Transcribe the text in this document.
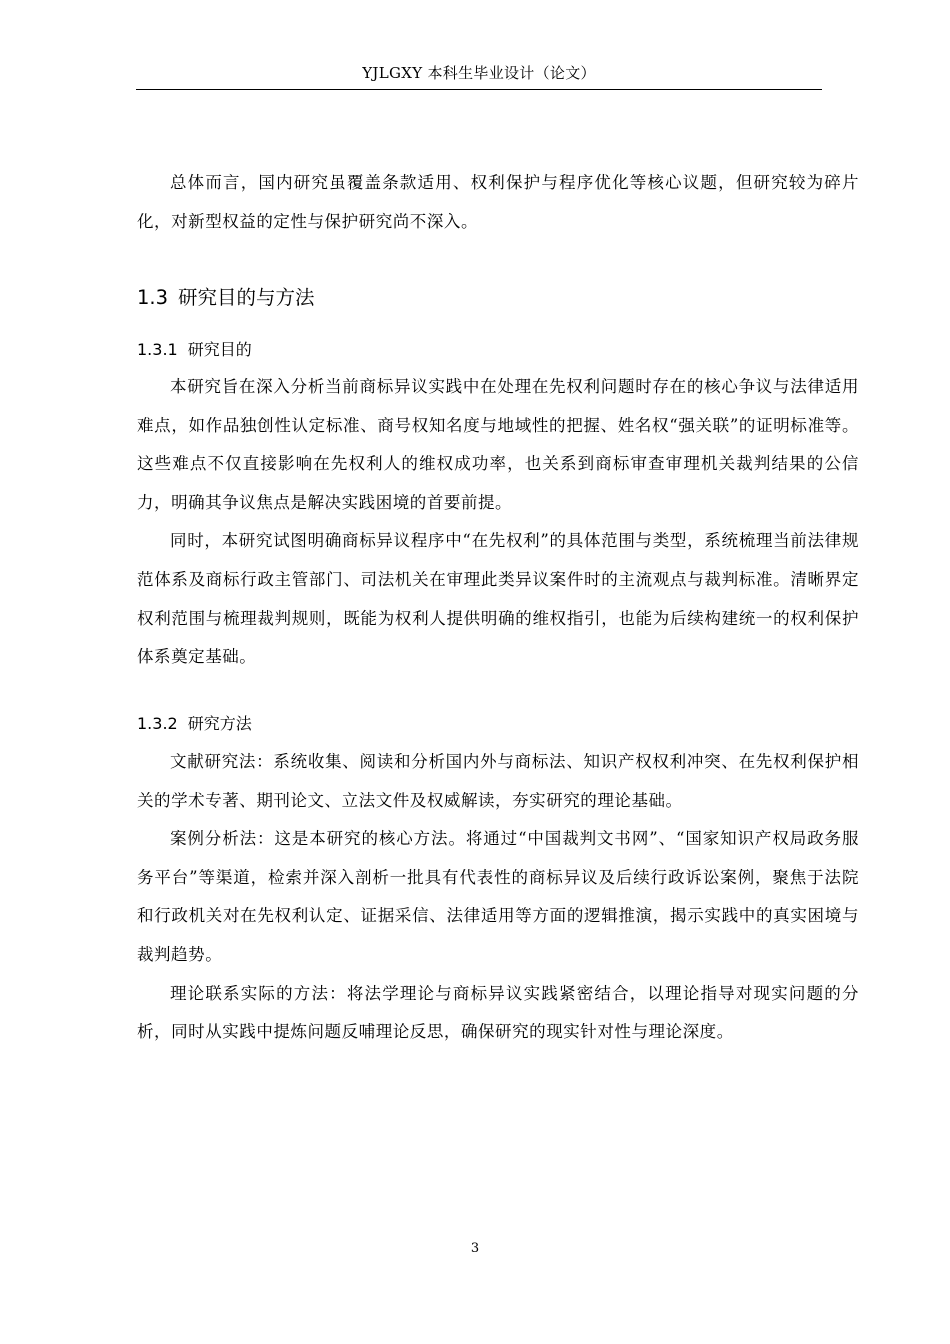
YJLGXY 本科生毕业设计（论文）

总体而言，国内研究虽覆盖条款适用、权利保护与程序优化等核心议题，但研究较为碎片化，对新型权益的定性与保护研究尚不深入。

1.3 研究目的与方法
1.3.1 研究目的

本研究旨在深入分析当前商标异议实践中在处理在先权利问题时存在的核心争议与法律适用难点，如作品独创性认定标准、商号权知名度与地域性的把握、姓名权“强关联”的证明标准等。这些难点不仅直接影响在先权利人的维权成功率，也关系到商标审查审理机关裁判结果的公信力，明确其争议焦点是解决实践困境的首要前提。

同时，本研究试图明确商标异议程序中“在先权利”的具体范围与类型，系统梳理当前法律规范体系及商标行政主管部门、司法机关在审理此类异议案件时的主流观点与裁判标准。清晰界定权利范围与梳理裁判规则，既能为权利人提供明确的维权指引，也能为后续构建统一的权利保护体系奠定基础。

1.3.2 研究方法

文献研究法：系统收集、阅读和分析国内外与商标法、知识产权权利冲突、在先权利保护相关的学术专著、期刊论文、立法文件及权威解读，夯实研究的理论基础。

案例分析法：这是本研究的核心方法。将通过“中国裁判文书网”、“国家知识产权局政务服务平台”等渠道，检索并深入剖析一批具有代表性的商标异议及后续行政诉讼案例，聚焦于法院和行政机关对在先权利认定、证据采信、法律适用等方面的逻辑推演，揭示实践中的真实困境与裁判趋势。

理论联系实际的方法：将法学理论与商标异议实践紧密结合，以理论指导对现实问题的分析，同时从实践中提炼问题反哺理论反思，确保研究的现实针对性与理论深度。

3
